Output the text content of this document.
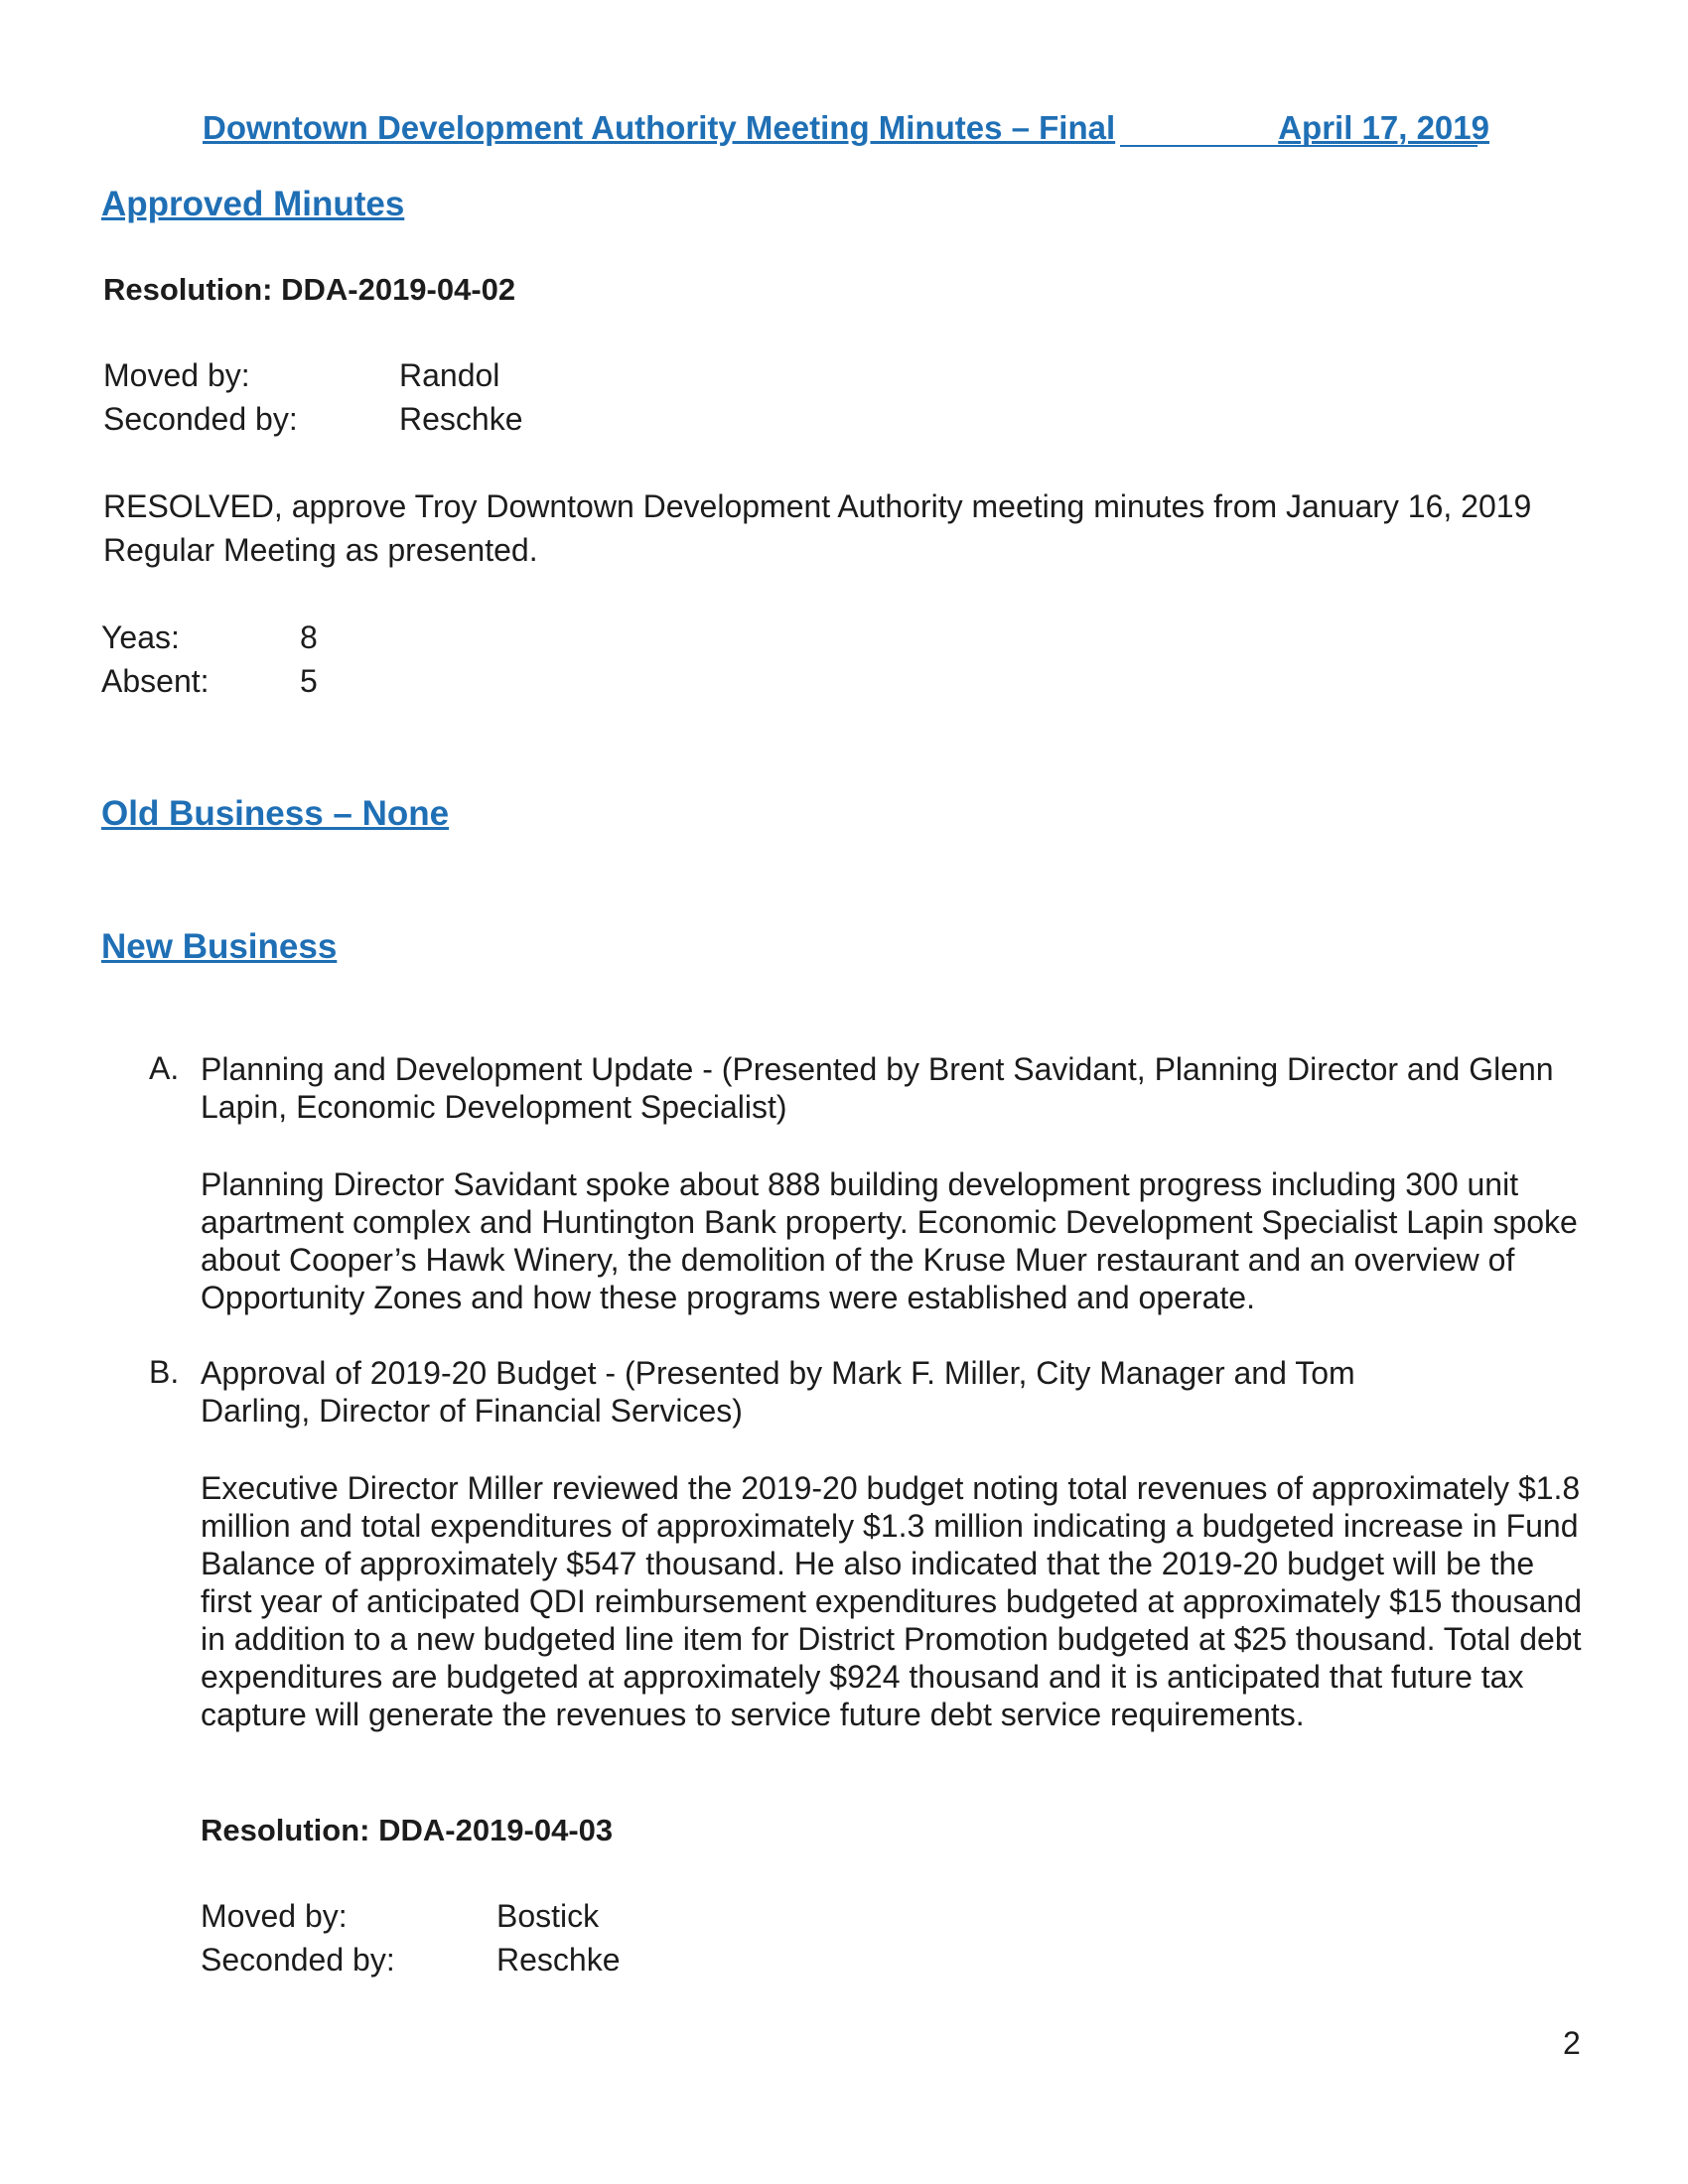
Downtown Development Authority Meeting Minutes – Final	April 17, 2019
Approved Minutes
Resolution: DDA-2019-04-02
Moved by:	Randol
Seconded by:	Reschke
RESOLVED, approve Troy Downtown Development Authority meeting minutes from January 16, 2019 Regular Meeting as presented.
Yeas:	8
Absent:	5
Old Business – None
New Business
A. Planning and Development Update - (Presented by Brent Savidant, Planning Director and Glenn Lapin, Economic Development Specialist)
Planning Director Savidant spoke about 888 building development progress including 300 unit apartment complex and Huntington Bank property. Economic Development Specialist Lapin spoke about Cooper’s Hawk Winery, the demolition of the Kruse Muer restaurant and an overview of Opportunity Zones and how these programs were established and operate.
B. Approval of 2019-20 Budget - (Presented by Mark F. Miller, City Manager and Tom Darling, Director of Financial Services)
Executive Director Miller reviewed the 2019-20 budget noting total revenues of approximately $1.8 million and total expenditures of approximately $1.3 million indicating a budgeted increase in Fund Balance of approximately $547 thousand. He also indicated that the 2019-20 budget will be the first year of anticipated QDI reimbursement expenditures budgeted at approximately $15 thousand in addition to a new budgeted line item for District Promotion budgeted at $25 thousand. Total debt expenditures are budgeted at approximately $924 thousand and it is anticipated that future tax capture will generate the revenues to service future debt service requirements.
Resolution: DDA-2019-04-03
Moved by:	Bostick
Seconded by:	Reschke
2
